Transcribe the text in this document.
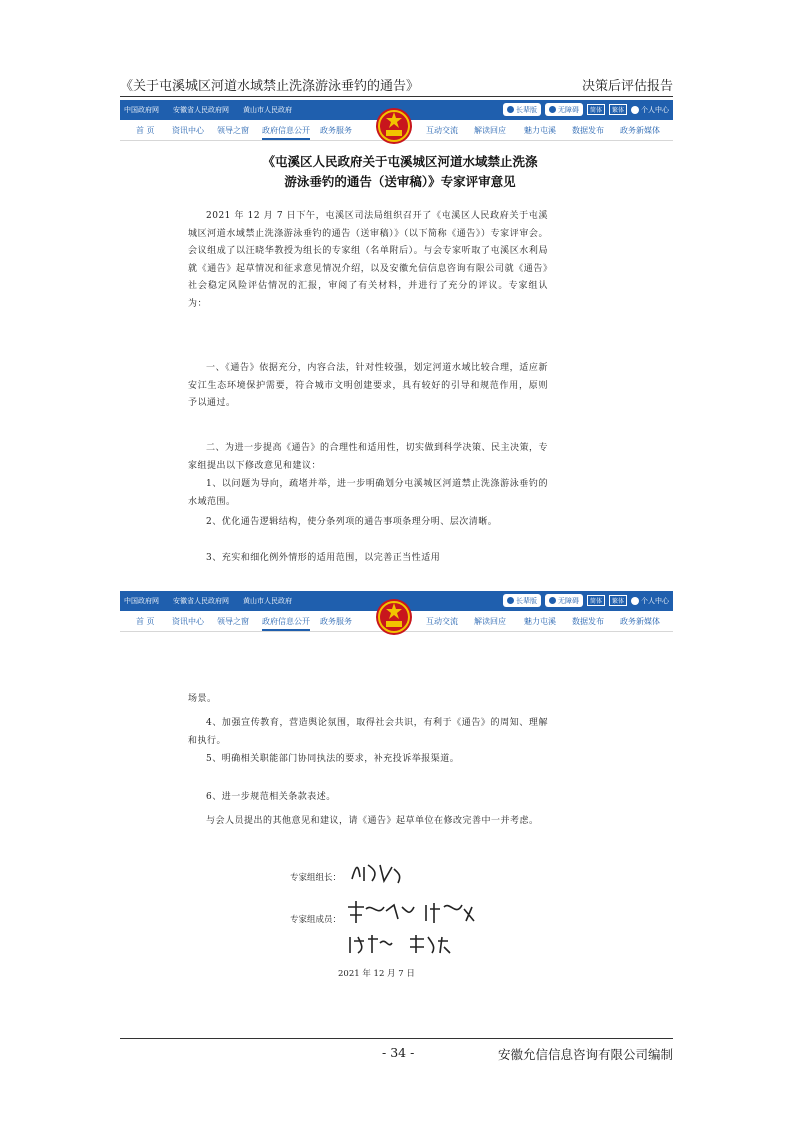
《关于屯溪城区河道水域禁止洗涤游泳垂钓的通告》	决策后评估报告
中国政府网 安徽省人民政府网 黄山市人民政府	长辈版	无障碍	简体	繁体	个人中心
首 页 资讯中心 领导之窗 政府信息公开 政务服务	互动交流 解读回应 魅力屯溪 数据发布 政务新媒体
《屯溪区人民政府关于屯溪城区河道水域禁止洗涤
游泳垂钓的通告（送审稿）》专家评审意见
2021 年 12 月 7 日下午，屯溪区司法局组织召开了《屯溪区人民政府关于屯溪城区河道水域禁止洗涤游泳垂钓的通告（送审稿）》（以下简称《通告》）专家评审会。会议组成了以汪晓华教授为组长的专家组（名单附后）。与会专家听取了屯溪区水利局就《通告》起草情况和征求意见情况介绍，以及安徽允信信息咨询有限公司就《通告》社会稳定风险评估情况的汇报，审阅了有关材料，并进行了充分的评议。专家组认为：
一、《通告》依据充分，内容合法，针对性较强，划定河道水域比较合理，适应新安江生态环境保护需要，符合城市文明创建要求，具有较好的引导和规范作用，原则予以通过。
二、为进一步提高《通告》的合理性和适用性，切实做到科学决策、民主决策，专家组提出以下修改意见和建议：
1、以问题为导向，疏堵并举，进一步明确划分屯溪城区河道禁止洗涤游泳垂钓的水域范围。
2、优化通告逻辑结构，使分条列项的通告事项条理分明、层次清晰。
3、充实和细化例外情形的适用范围，以完善正当性适用
中国政府网 安徽省人民政府网 黄山市人民政府	长辈版	无障碍	简体	繁体	个人中心
首 页 资讯中心 领导之窗 政府信息公开 政务服务	互动交流 解读回应 魅力屯溪 数据发布 政务新媒体
场景。
4、加强宣传教育，营造舆论氛围，取得社会共识，有利于《通告》的周知、理解和执行。
5、明确相关职能部门协同执法的要求，补充投诉举报渠道。
6、进一步规范相关条款表述。
与会人员提出的其他意见和建议，请《通告》起草单位在修改完善中一并考虑。
专家组组长：
专家组成员：
2021 年 12 月 7 日
- 34 -	安徽允信信息咨询有限公司编制
